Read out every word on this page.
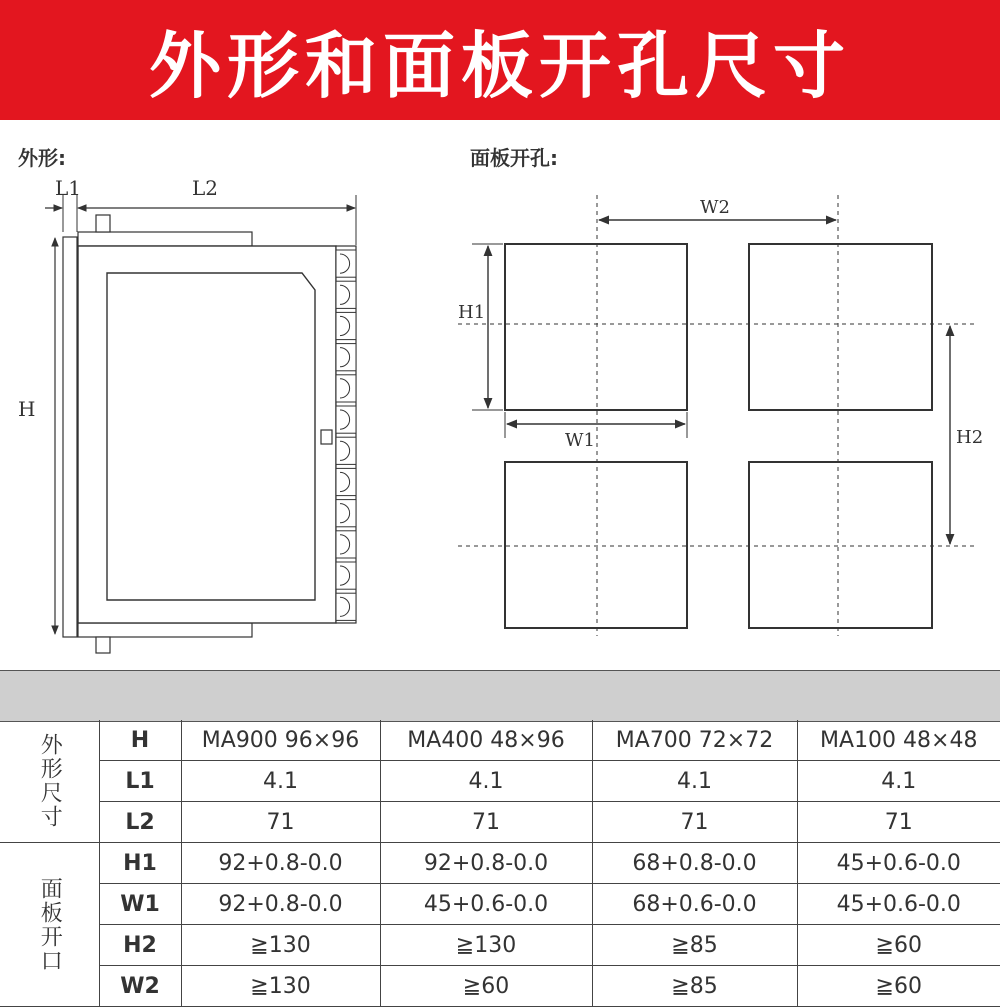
外形和面板开孔尺寸
外形:	面板开孔:
L1	L2
H
W2
H1
W1	H2
外形尺寸	H	MA900 96×96	MA400 48×96	MA700 72×72	MA100 48×48
	L1	4.1	4.1	4.1	4.1
	L2	71	71	71	71
面板开口	H1	92+0.8-0.0	92+0.8-0.0	68+0.8-0.0	45+0.6-0.0
	W1	92+0.8-0.0	45+0.6-0.0	68+0.6-0.0	45+0.6-0.0
	H2	≧130	≧130	≧85	≧60
	W2	≧130	≧60	≧85	≧60
